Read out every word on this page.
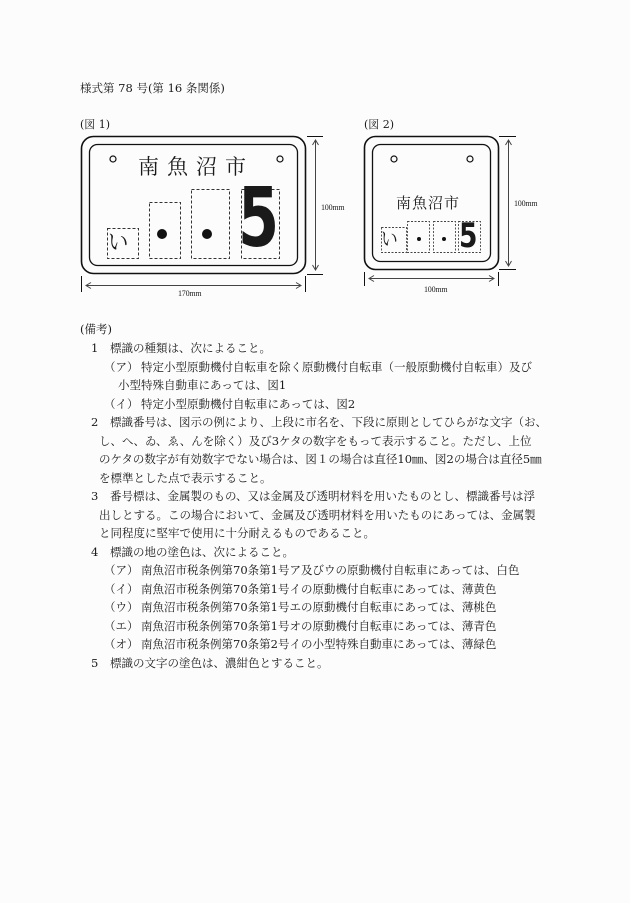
様式第 78 号(第 16 条関係)
(図 1)	(図 2)
南魚沼市
い 5	100mm
170mm
南魚沼市
い 5
100mm
100mm
(備考)
1 標識の種類は、次によること。
（ア） 特定小型原動機付自転車を除く原動機付自転車（一般原動機付自転車）及び
小型特殊自動車にあっては、図1
（イ） 特定小型原動機付自転車にあっては、図2
2 標識番号は、図示の例により、上段に市名を、下段に原則としてひらがな文字（お、
し、へ、ゐ、ゑ、んを除く）及び3ケタの数字をもって表示すること。ただし、上位
のケタの数字が有効数字でない場合は、図１の場合は直径10㎜、図2の場合は直径5㎜
を標準とした点で表示すること。
3 番号標は、金属製のもの、又は金属及び透明材料を用いたものとし、標識番号は浮
出しとする。この場合において、金属及び透明材料を用いたものにあっては、金属製
と同程度に堅牢で使用に十分耐えるものであること。
4 標識の地の塗色は、次によること。
（ア） 南魚沼市税条例第70条第1号ア及びウの原動機付自転車にあっては、白色
（イ） 南魚沼市税条例第70条第1号イの原動機付自転車にあっては、薄黄色
（ウ） 南魚沼市税条例第70条第1号エの原動機付自転車にあっては、薄桃色
（エ） 南魚沼市税条例第70条第1号オの原動機付自転車にあっては、薄青色
（オ） 南魚沼市税条例第70条第2号イの小型特殊自動車にあっては、薄緑色
5 標識の文字の塗色は、濃紺色とすること。
